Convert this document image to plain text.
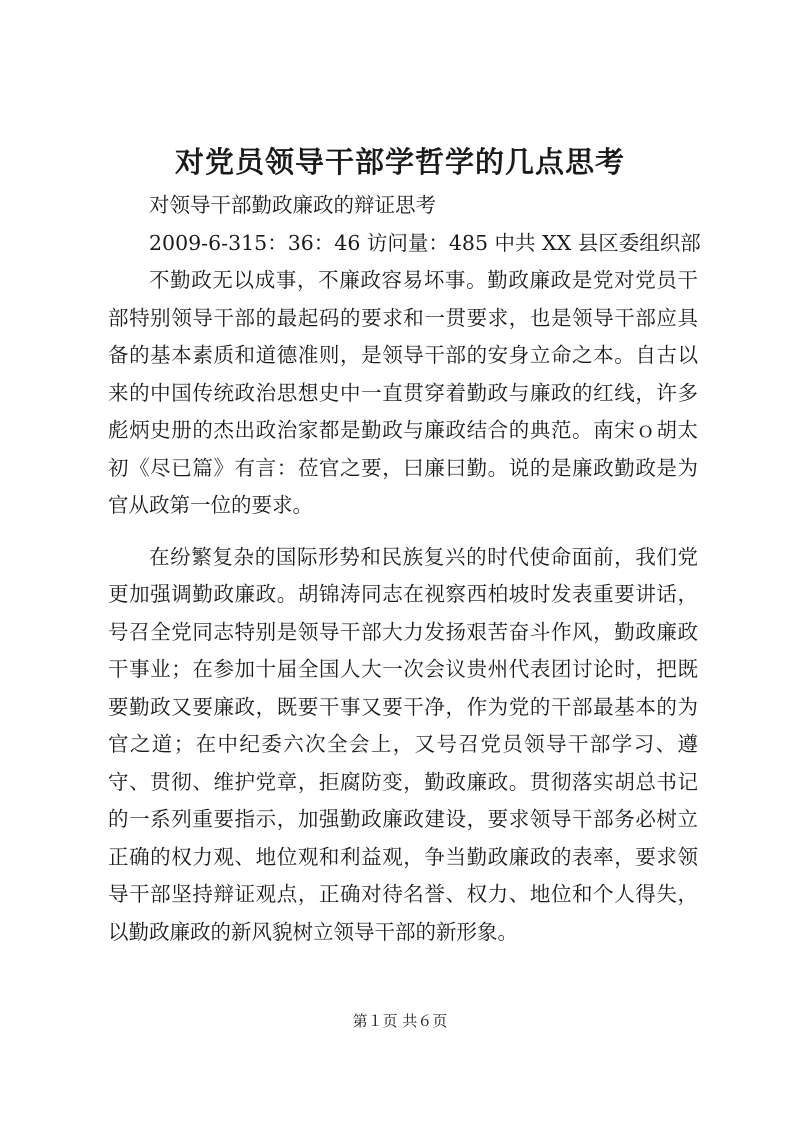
对党员领导干部学哲学的几点思考

对领导干部勤政廉政的辩证思考

2009-6-315：36：46 访问量：485 中共 XX 县区委组织部

不勤政无以成事，不廉政容易坏事。勤政廉政是党对党员干部特别领导干部的最起码的要求和一贯要求，也是领导干部应具备的基本素质和道德准则，是领导干部的安身立命之本。自古以来的中国传统政治思想史中一直贯穿着勤政与廉政的红线，许多彪炳史册的杰出政治家都是勤政与廉政结合的典范。南宋ｏ胡太初《尽已篇》有言：莅官之要，曰廉曰勤。说的是廉政勤政是为官从政第一位的要求。

在纷繁复杂的国际形势和民族复兴的时代使命面前，我们党更加强调勤政廉政。胡锦涛同志在视察西柏坡时发表重要讲话，号召全党同志特别是领导干部大力发扬艰苦奋斗作风，勤政廉政干事业；在参加十届全国人大一次会议贵州代表团讨论时，把既要勤政又要廉政，既要干事又要干净，作为党的干部最基本的为官之道；在中纪委六次全会上，又号召党员领导干部学习、遵守、贯彻、维护党章，拒腐防变，勤政廉政。贯彻落实胡总书记的一系列重要指示，加强勤政廉政建设，要求领导干部务必树立正确的权力观、地位观和利益观，争当勤政廉政的表率，要求领导干部坚持辩证观点，正确对待名誉、权力、地位和个人得失，以勤政廉政的新风貌树立领导干部的新形象。

第１页 共６页
